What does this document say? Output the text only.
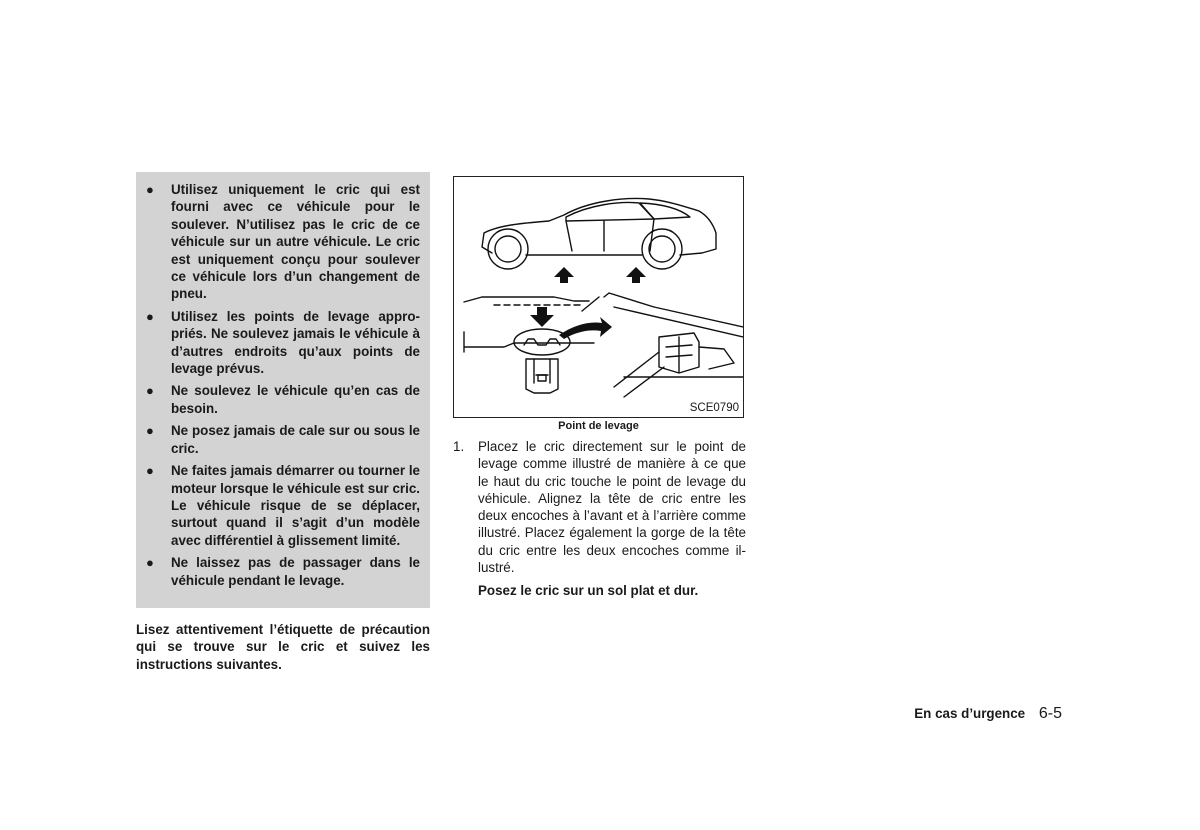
● Utilisez uniquement le cric qui est fourni avec ce véhicule pour le soulever. N’utilisez pas le cric de ce véhicule sur un autre véhicule. Le cric est uniquement conçu pour soulever ce véhicule lors d’un changement de pneu.
● Utilisez les points de levage appropriés. Ne soulevez jamais le véhicule à d’autres endroits qu’aux points de levage prévus.
● Ne soulevez le véhicule qu’en cas de besoin.
● Ne posez jamais de cale sur ou sous le cric.
● Ne faites jamais démarrer ou tourner le moteur lorsque le véhicule est sur cric. Le véhicule risque de se déplacer, surtout quand il s’agit d’un modèle avec différentiel à glissement limité.
● Ne laissez pas de passager dans le véhicule pendant le levage.
Lisez attentivement l’étiquette de précaution qui se trouve sur le cric et suivez les instructions suivantes.
SCE0790
Point de levage
1. Placez le cric directement sur le point de levage comme illustré de manière à ce que le haut du cric touche le point de levage du véhicule. Alignez la tête de cric entre les deux encoches à l’avant et à l’arrière comme illustré. Placez également la gorge de la tête du cric entre les deux encoches comme illustré.
Posez le cric sur un sol plat et dur.
En cas d’urgence 6-5
